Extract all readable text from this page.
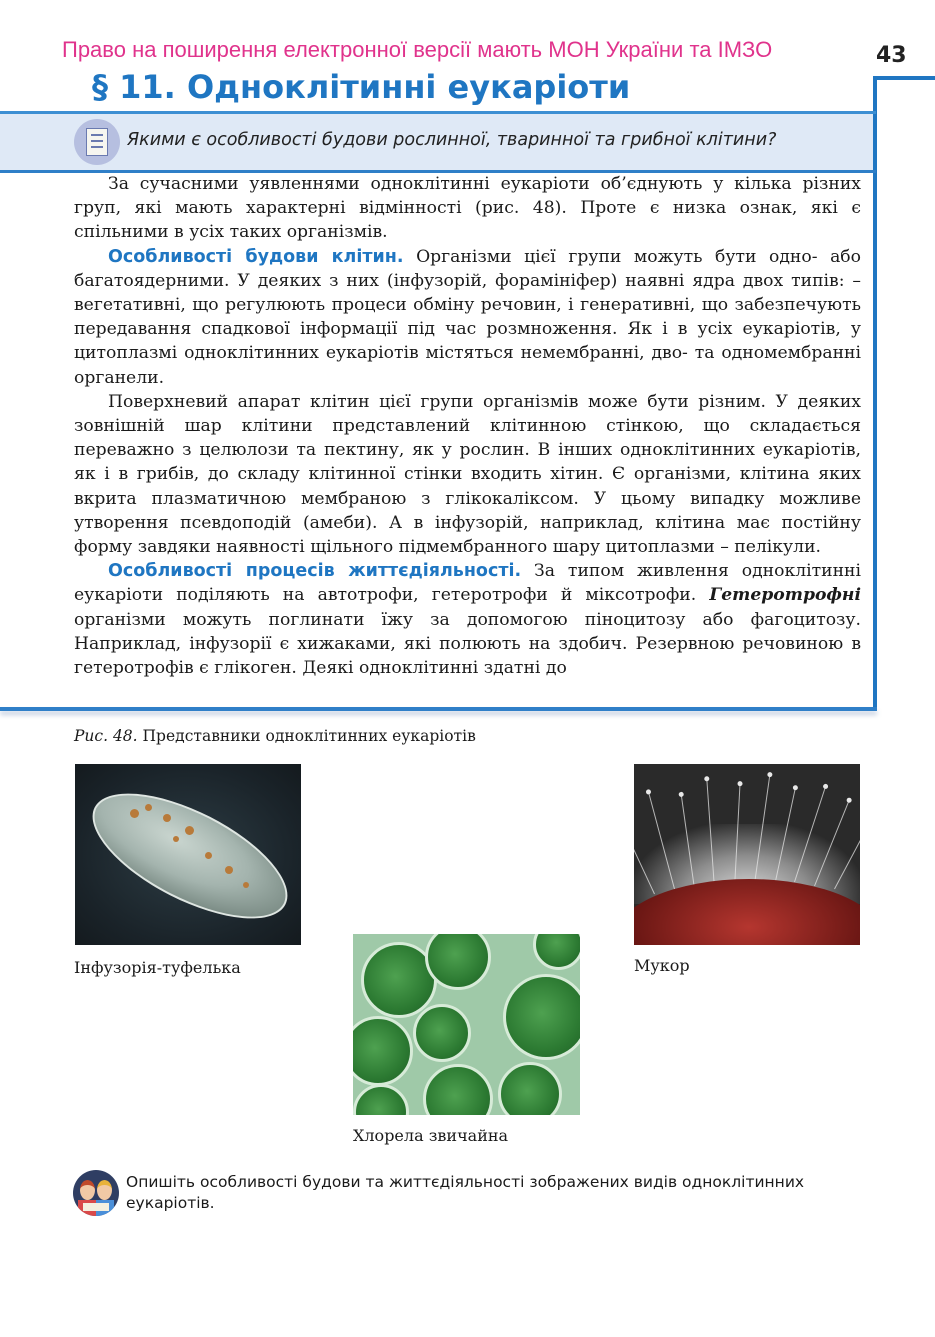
Право на поширення електронної версії мають МОН України та ІМЗО	43
§ 11. Одноклітинні еукаріоти
Якими є особливості будови рослинної, тваринної та грибної клітини?

За сучасними уявленнями одноклітинні еукаріоти об’єднують у кілька різних груп, які мають характерні відмінності (рис. 48). Проте є низка ознак, які є спільними в усіх таких організмів.

Особливості будови клітин. Організми цієї групи можуть бути одно- або багатоядерними. У деяких з них (інфузорій, форамініфер) наявні ядра двох типів: – вегетативні, що регулюють процеси обміну речовин, і генеративні, що забезпечують передавання спадкової інформації під час розмноження. Як і в усіх еукаріотів, у цитоплазмі одноклітинних еукаріотів містяться немембранні, дво- та одномембранні органели.

Поверхневий апарат клітин цієї групи організмів може бути різним. У деяких зовнішній шар клітини представлений клітинною стінкою, що складається переважно з целюлози та пектину, як у рослин. В інших одноклітинних еукаріотів, як і в грибів, до складу клітинної стінки входить хітин. Є організми, клітина яких вкрита плазматичною мембраною з глікокаліксом. У цьому випадку можливе утворення псевдоподій (амеби). А в інфузорій, наприклад, клітина має постійну форму завдяки наявності щільного підмембранного шару цитоплазми – пелікули.

Особливості процесів життєдіяльності. За типом живлення одноклітинні еукаріоти поділяють на автотрофи, гетеротрофи й міксотрофи. Гетеротрофні організми можуть поглинати їжу за допомогою піноцитозу або фагоцитозу. Наприклад, інфузорії є хижаками, які полюють на здобич. Резервною речовиною в гетеротрофів є глікоген. Деякі одноклітинні здатні до

Рис. 48. Представники одноклітинних еукаріотів
Інфузорія-туфелька
Хлорела звичайна
Мукор
Опишіть особливості будови та життєдіяльності зображених видів одноклітинних еукаріотів.
